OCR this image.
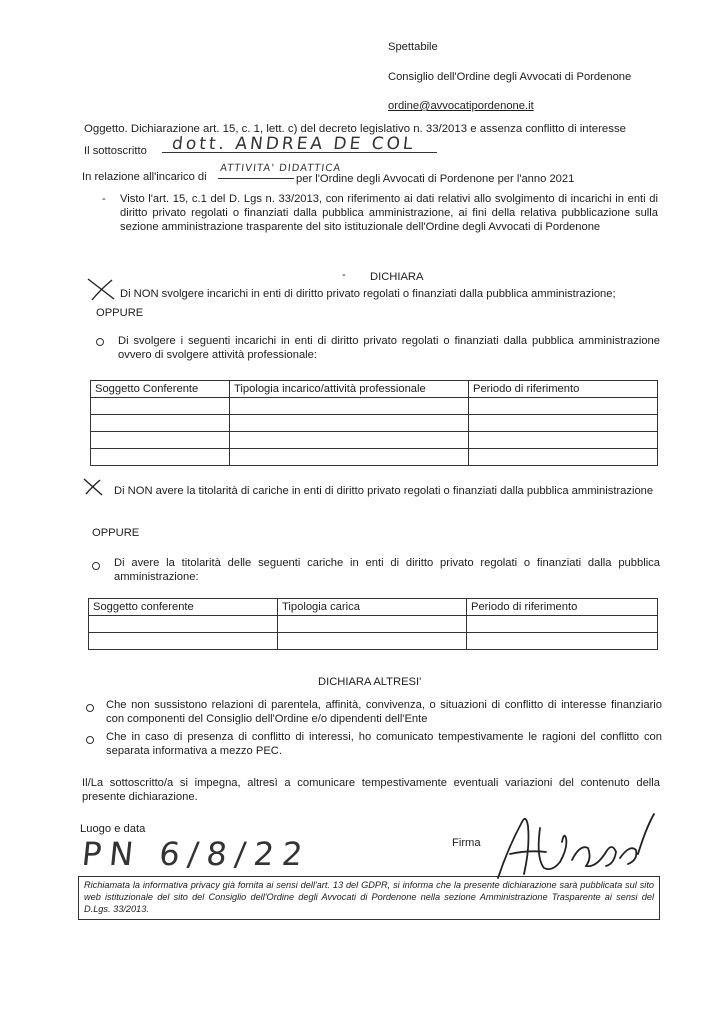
Spettabile
Consiglio dell'Ordine degli Avvocati di Pordenone
ordine@avvocatipordenone.it
Oggetto. Dichiarazione art. 15, c. 1, lett. c) del decreto legislativo n. 33/2013 e assenza conflitto di interesse
Il sottoscritto dott. ANDREA DE COL
In relazione all'incarico di
ATTIVITA' DIDATTICA
per l'Ordine degli Avvocati di Pordenone per l'anno 2021
- Visto l'art. 15, c.1 del D. Lgs n. 33/2013, con riferimento ai dati relativi allo svolgimento di incarichi in enti di diritto privato regolati o finanziati dalla pubblica amministrazione, ai fini della relativa pubblicazione sulla sezione amministrazione trasparente del sito istituzionale dell'Ordine degli Avvocati di Pordenone
- DICHIARA
Di NON svolgere incarichi in enti di diritto privato regolati o finanziati dalla pubblica amministrazione;
OPPURE
Di svolgere i seguenti incarichi in enti di diritto privato regolati o finanziati dalla pubblica amministrazione ovvero di svolgere attività professionale:
Soggetto Conferente	Tipologia incarico/attività professionale	Periodo di riferimento

Di NON avere la titolarità di cariche in enti di diritto privato regolati o finanziati dalla pubblica amministrazione
OPPURE
Di avere la titolarità delle seguenti cariche in enti di diritto privato regolati o finanziati dalla pubblica amministrazione:
Soggetto conferente	Tipologia carica	Periodo di riferimento

DICHIARA ALTRESI'
Che non sussistono relazioni di parentela, affinità, convivenza, o situazioni di conflitto di interesse finanziario con componenti del Consiglio dell'Ordine e/o dipendenti dell'Ente
Che in caso di presenza di conflitto di interessi, ho comunicato tempestivamente le ragioni del conflitto con separata informativa a mezzo PEC.
Il/La sottoscritto/a si impegna, altresì a comunicare tempestivamente eventuali variazioni del contenuto della presente dichiarazione.
Luogo e data
PN 6/8/22	Firma
Richiamata la informativa privacy già fornita ai sensi dell'art. 13 del GDPR, si informa che la presente dichiarazione sarà pubblicata sul sito web istituzionale del sito del Consiglio dell'Ordine degli Avvocati di Pordenone nella sezione Amministrazione Trasparente ai sensi del D.Lgs. 33/2013.
